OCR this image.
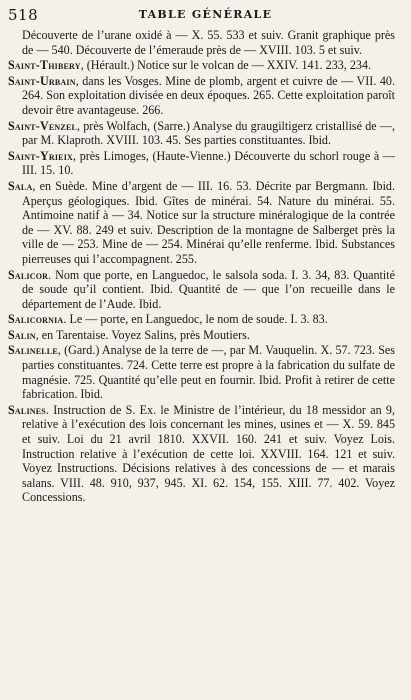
518	TABLE GÉNÉRALE

Découverte de l’urane oxidé à — X. 55. 533 et suiv. Granit graphique près de — 540. Découverte de l’émeraude près de — XVIII. 103. 5 et suiv.

Saint-Thibery, (Hérault.) Notice sur le volcan de — XXIV. 141. 233, 234.

Saint-Urbain, dans les Vosges. Mine de plomb, argent et cuivre de — VII. 40. 264. Son exploitation divisée en deux époques. 265. Cette exploitation paroît devoir être avantageuse. 266.

Saint-Venzel, près Wolfach, (Sarre.) Analyse du graugiltigerz cristallisé de —, par M. Klaproth. XVIII. 103. 45. Ses parties constituantes. Ibid.

Saint-Yrieix, près Limoges, (Haute-Vienne.) Découverte du schorl rouge à — III. 15. 10.

Sala, en Suède. Mine d’argent de — III. 16. 53. Décrite par Bergmann. Ibid. Aperçus géologiques. Ibid. Gîtes de minérai. 54. Nature du minérai. 55. Antimoine natif à — 34. Notice sur la structure minéralogique de la contrée de — XV. 88. 249 et suiv. Description de la montagne de Salberget près la ville de — 253. Mine de — 254. Minérai qu’elle renferme. Ibid. Substances pierreuses qui l’accompagnent. 255.

Salicor. Nom que porte, en Languedoc, le salsola soda. I. 3. 34, 83. Quantité de soude qu’il contient. Ibid. Quantité de — que l’on recueille dans le département de l’Aude. Ibid.

Salicornia. Le — porte, en Languedoc, le nom de soude. I. 3. 83.

Salin, en Tarentaise. Voyez Salins, près Moutiers.

Salinelle, (Gard.) Analyse de la terre de —, par M. Vauquelin. X. 57. 723. Ses parties constituantes. 724. Cette terre est propre à la fabrication du sulfate de magnésie. 725. Quantité qu’elle peut en fournir. Ibid. Profit à retirer de cette fabrication. Ibid.

Salines. Instruction de S. Ex. le Ministre de l’intérieur, du 18 messidor an 9, relative à l’exécution des lois concernant les mines, usines et — X. 59. 845 et suiv. Loi du 21 avril 1810. XXVII. 160. 241 et suiv. Voyez Lois. Instruction relative à l’exécution de cette loi. XXVIII. 164. 121 et suiv. Voyez Instructions. Décisions relatives à des concessions de — et marais salans. VIII. 48. 910, 937, 945. XI. 62. 154, 155. XIII. 77. 402. Voyez Concessions.
